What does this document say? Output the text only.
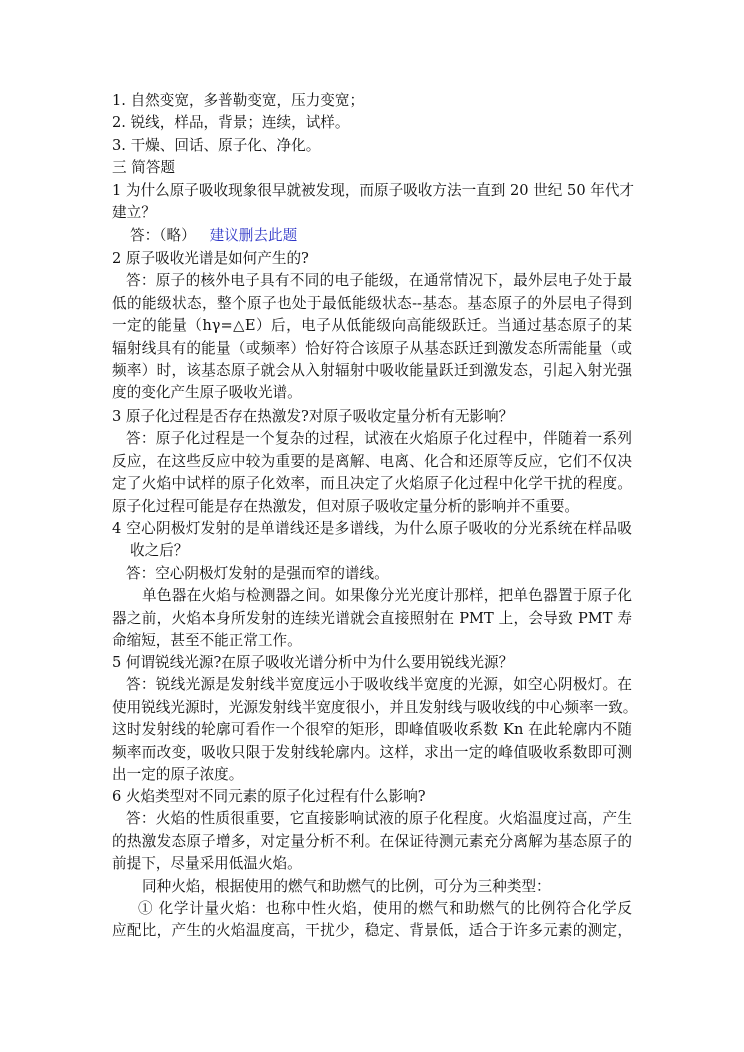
1. 自然变宽，多普勒变宽，压力变宽；
2. 锐线，样品，背景；连续，试样。
3. 干燥、回话、原子化、净化。
三 简答题
1 为什么原子吸收现象很早就被发现，而原子吸收方法一直到 20 世纪 50 年代才
建立？
答：（略） 建议删去此题
2 原子吸收光谱是如何产生的?
答：原子的核外电子具有不同的电子能级，在通常情况下，最外层电子处于最
低的能级状态，整个原子也处于最低能级状态--基态。基态原子的外层电子得到
一定的能量（hγ=△E）后，电子从低能级向高能级跃迁。当通过基态原子的某
辐射线具有的能量（或频率）恰好符合该原子从基态跃迁到激发态所需能量（或
频率）时，该基态原子就会从入射辐射中吸收能量跃迁到激发态，引起入射光强
度的变化产生原子吸收光谱。
3 原子化过程是否存在热激发?对原子吸收定量分析有无影响？
答：原子化过程是一个复杂的过程，试液在火焰原子化过程中，伴随着一系列
反应，在这些反应中较为重要的是离解、电离、化合和还原等反应，它们不仅决
定了火焰中试样的原子化效率，而且决定了火焰原子化过程中化学干扰的程度。
原子化过程可能是存在热激发，但对原子吸收定量分析的影响并不重要。
4 空心阴极灯发射的是单谱线还是多谱线，为什么原子吸收的分光系统在样品吸
收之后？
答：空心阴极灯发射的是强而窄的谱线。
单色器在火焰与检测器之间。如果像分光光度计那样，把单色器置于原子化
器之前，火焰本身所发射的连续光谱就会直接照射在 PMT 上，会导致 PMT 寿
命缩短，甚至不能正常工作。
5 何谓锐线光源?在原子吸收光谱分析中为什么要用锐线光源？
答：锐线光源是发射线半宽度远小于吸收线半宽度的光源，如空心阴极灯。在
使用锐线光源时，光源发射线半宽度很小，并且发射线与吸收线的中心频率一致。
这时发射线的轮廓可看作一个很窄的矩形，即峰值吸收系数 Kn 在此轮廓内不随
频率而改变，吸收只限于发射线轮廓内。这样，求出一定的峰值吸收系数即可测
出一定的原子浓度。
6 火焰类型对不同元素的原子化过程有什么影响?
答：火焰的性质很重要，它直接影响试液的原子化程度。火焰温度过高，产生
的热激发态原子增多，对定量分析不利。在保证待测元素充分离解为基态原子的
前提下，尽量采用低温火焰。
同种火焰，根据使用的燃气和助燃气的比例，可分为三种类型：
① 化学计量火焰：也称中性火焰，使用的燃气和助燃气的比例符合化学反
应配比，产生的火焰温度高，干扰少，稳定、背景低，适合于许多元素的测定，
